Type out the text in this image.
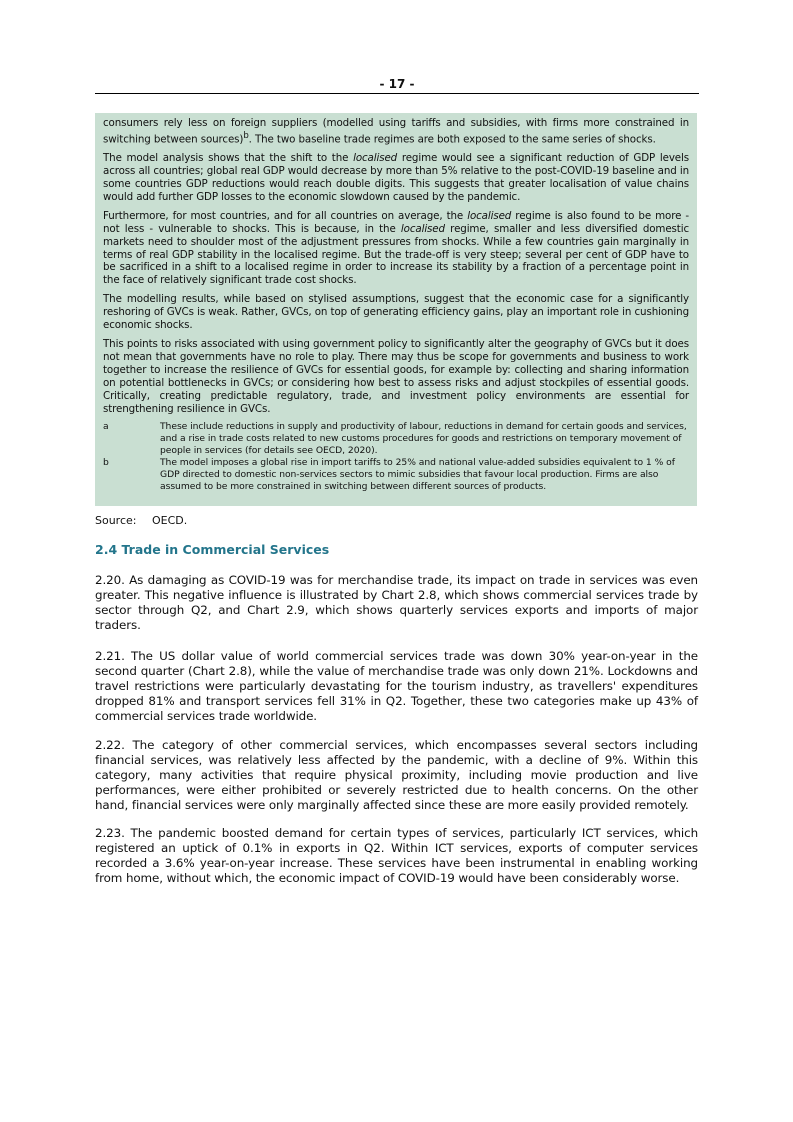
- 17 -

consumers rely less on foreign suppliers (modelled using tariffs and subsidies, with firms more constrained in switching between sources)$^b$. The two baseline trade regimes are both exposed to the same series of shocks.

The model analysis shows that the shift to the localised regime would see a significant reduction of GDP levels across all countries; global real GDP would decrease by more than 5% relative to the post-COVID-19 baseline and in some countries GDP reductions would reach double digits. This suggests that greater localisation of value chains would add further GDP losses to the economic slowdown caused by the pandemic.

Furthermore, for most countries, and for all countries on average, the localised regime is also found to be more - not less - vulnerable to shocks. This is because, in the localised regime, smaller and less diversified domestic markets need to shoulder most of the adjustment pressures from shocks. While a few countries gain marginally in terms of real GDP stability in the localised regime. But the trade-off is very steep; several per cent of GDP have to be sacrificed in a shift to a localised regime in order to increase its stability by a fraction of a percentage point in the face of relatively significant trade cost shocks.

The modelling results, while based on stylised assumptions, suggest that the economic case for a significantly reshoring of GVCs is weak. Rather, GVCs, on top of generating efficiency gains, play an important role in cushioning economic shocks.

This points to risks associated with using government policy to significantly alter the geography of GVCs but it does not mean that governments have no role to play. There may thus be scope for governments and business to work together to increase the resilience of GVCs for essential goods, for example by: collecting and sharing information on potential bottlenecks in GVCs; or considering how best to assess risks and adjust stockpiles of essential goods. Critically, creating predictable regulatory, trade, and investment policy environments are essential for strengthening resilience in GVCs.

a	These include reductions in supply and productivity of labour, reductions in demand for certain goods and services, and a rise in trade costs related to new customs procedures for goods and restrictions on temporary movement of people in services (for details see OECD, 2020).
b	The model imposes a global rise in import tariffs to 25% and national value-added subsidies equivalent to 1 % of GDP directed to domestic non-services sectors to mimic subsidies that favour local production. Firms are also assumed to be more constrained in switching between different sources of products.
Source: OECD.
2.4 Trade in Commercial Services

2.20. As damaging as COVID-19 was for merchandise trade, its impact on trade in services was even greater. This negative influence is illustrated by Chart 2.8, which shows commercial services trade by sector through Q2, and Chart 2.9, which shows quarterly services exports and imports of major traders.

2.21. The US dollar value of world commercial services trade was down 30% year-on-year in the second quarter (Chart 2.8), while the value of merchandise trade was only down 21%. Lockdowns and travel restrictions were particularly devastating for the tourism industry, as travellers' expenditures dropped 81% and transport services fell 31% in Q2. Together, these two categories make up 43% of commercial services trade worldwide.

2.22. The category of other commercial services, which encompasses several sectors including financial services, was relatively less affected by the pandemic, with a decline of 9%. Within this category, many activities that require physical proximity, including movie production and live performances, were either prohibited or severely restricted due to health concerns. On the other hand, financial services were only marginally affected since these are more easily provided remotely.

2.23. The pandemic boosted demand for certain types of services, particularly ICT services, which registered an uptick of 0.1% in exports in Q2. Within ICT services, exports of computer services recorded a 3.6% year-on-year increase. These services have been instrumental in enabling working from home, without which, the economic impact of COVID-19 would have been considerably worse.
